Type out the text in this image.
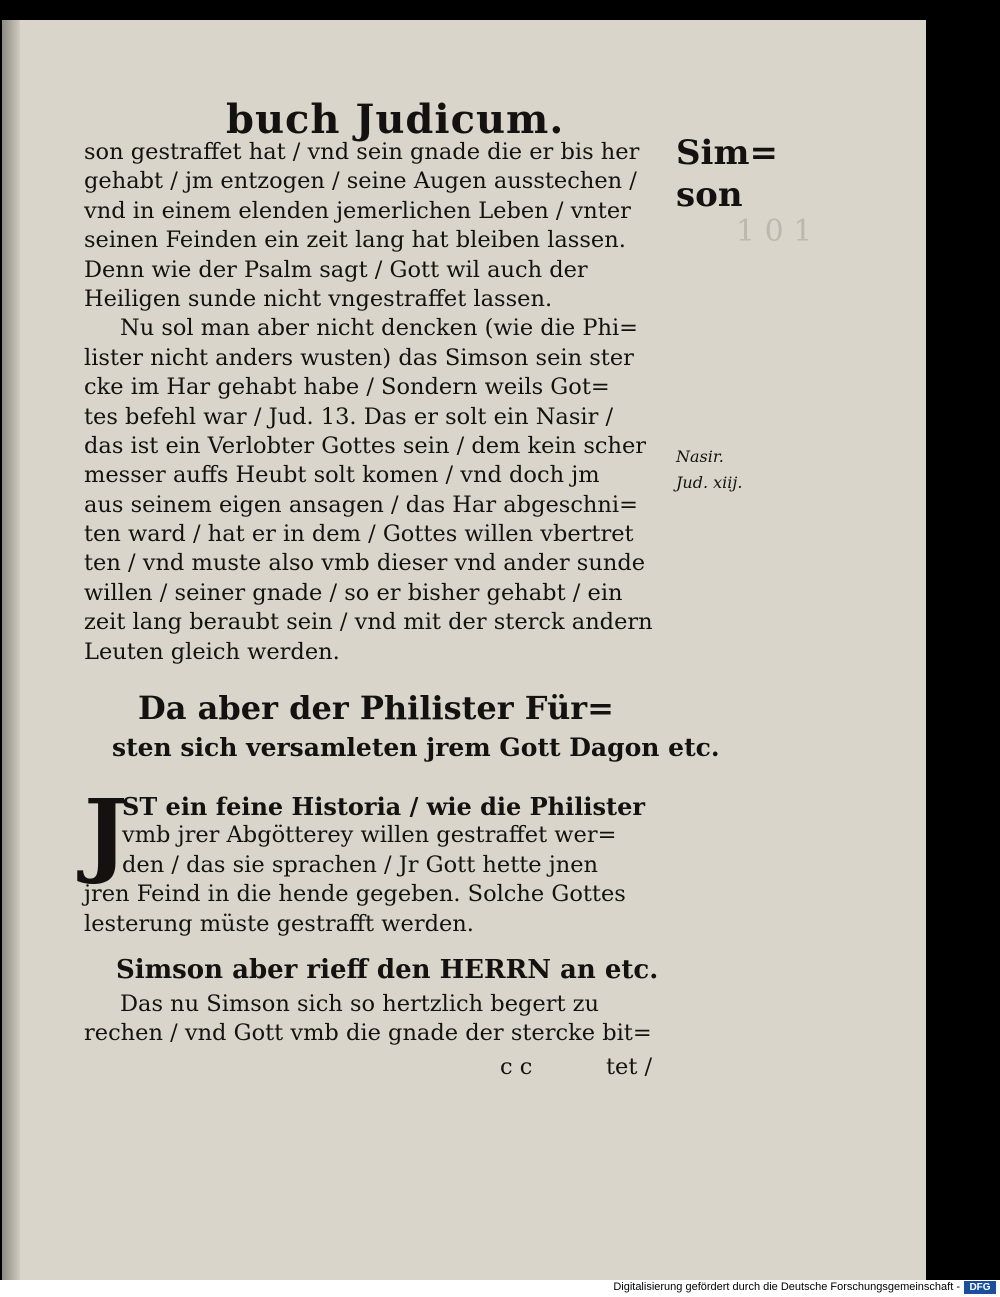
buch Judicum.
Sim=
son
1 0 1
son gestraffet hat / vnd sein gnade die er bis her
gehabt / jm entzogen / seine Augen ausstechen /
vnd in einem elenden jemerlichen Leben / vnter
seinen Feinden ein zeit lang hat bleiben lassen.
Denn wie der Psalm sagt / Gott wil auch der
Heiligen sunde nicht vngestraffet lassen.
Nu sol man aber nicht dencken (wie die Phi=
lister nicht anders wusten) das Simson sein ster
cke im Har gehabt habe / Sondern weils Got=
tes befehl war / Jud. 13. Das er solt ein Nasir /
das ist ein Verlobter Gottes sein / dem kein scher
messer auffs Heubt solt komen / vnd doch jm
aus seinem eigen ansagen / das Har abgeschni=
ten ward / hat er in dem / Gottes willen vbertret
ten / vnd muste also vmb dieser vnd ander sunde
willen / seiner gnade / so er bisher gehabt / ein
zeit lang beraubt sein / vnd mit der sterck andern
Leuten gleich werden.
Nasir.
Jud. xiij.
Da aber der Philister Für=
sten sich versamleten jrem Gott Dagon etc.
J
ST ein feine Historia / wie die Philister
vmb jrer Abgötterey willen gestraffet wer=
den / das sie sprachen / Jr Gott hette jnen
jren Feind in die hende gegeben. Solche Gottes
lesterung müste gestrafft werden.
Simson aber rieff den HERRN an etc.
Das nu Simson sich so hertzlich begert zu
rechen / vnd Gott vmb die gnade der stercke bit=
c c	tet /
Digitalisierung gefördert durch die Deutsche Forschungsgemeinschaft - DFG
